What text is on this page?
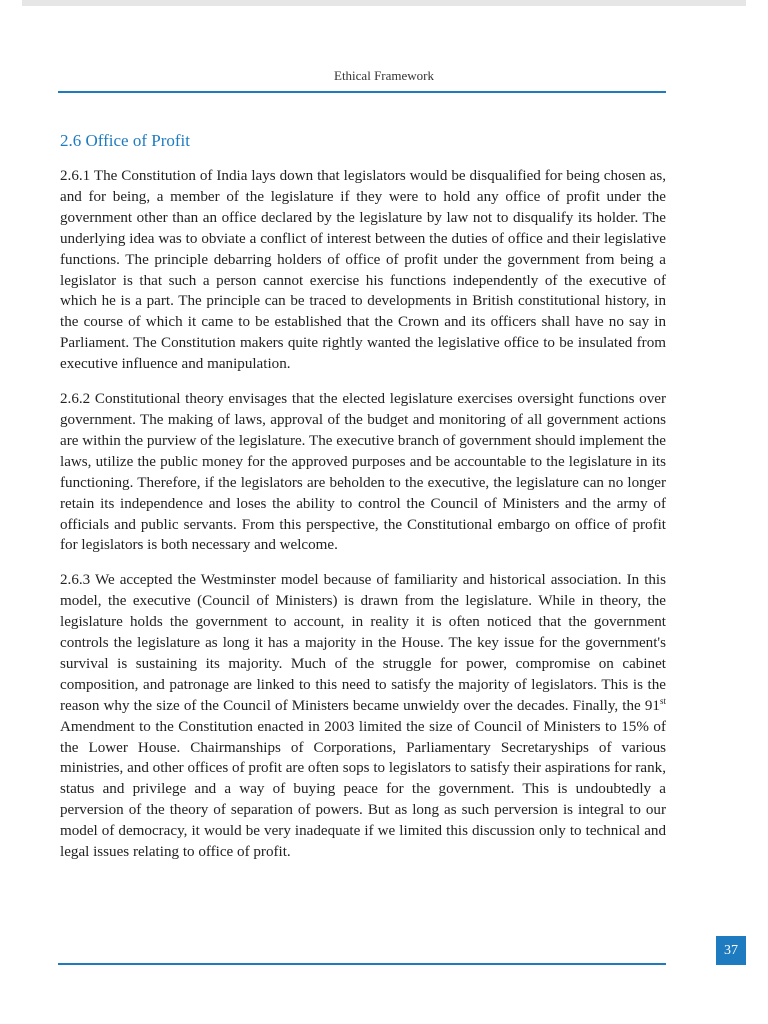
Ethical Framework
2.6 Office of Profit

2.6.1 The Constitution of India lays down that legislators would be disqualified for being chosen as, and for being, a member of the legislature if they were to hold any office of profit under the government other than an office declared by the legislature by law not to disqualify its holder. The underlying idea was to obviate a conflict of interest between the duties of office and their legislative functions. The principle debarring holders of office of profit under the government from being a legislator is that such a person cannot exercise his functions independently of the executive of which he is a part. The principle can be traced to developments in British constitutional history, in the course of which it came to be established that the Crown and its officers shall have no say in Parliament. The Constitution makers quite rightly wanted the legislative office to be insulated from executive influence and manipulation.

2.6.2 Constitutional theory envisages that the elected legislature exercises oversight functions over government. The making of laws, approval of the budget and monitoring of all government actions are within the purview of the legislature. The executive branch of government should implement the laws, utilize the public money for the approved purposes and be accountable to the legislature in its functioning. Therefore, if the legislators are beholden to the executive, the legislature can no longer retain its independence and loses the ability to control the Council of Ministers and the army of officials and public servants. From this perspective, the Constitutional embargo on office of profit for legislators is both necessary and welcome.

2.6.3 We accepted the Westminster model because of familiarity and historical association. In this model, the executive (Council of Ministers) is drawn from the legislature. While in theory, the legislature holds the government to account, in reality it is often noticed that the government controls the legislature as long it has a majority in the House. The key issue for the government's survival is sustaining its majority. Much of the struggle for power, compromise on cabinet composition, and patronage are linked to this need to satisfy the majority of legislators. This is the reason why the size of the Council of Ministers became unwieldy over the decades. Finally, the 91st Amendment to the Constitution enacted in 2003 limited the size of Council of Ministers to 15% of the Lower House. Chairmanships of Corporations, Parliamentary Secretaryships of various ministries, and other offices of profit are often sops to legislators to satisfy their aspirations for rank, status and privilege and a way of buying peace for the government. This is undoubtedly a perversion of the theory of separation of powers. But as long as such perversion is integral to our model of democracy, it would be very inadequate if we limited this discussion only to technical and legal issues relating to office of profit.

37
